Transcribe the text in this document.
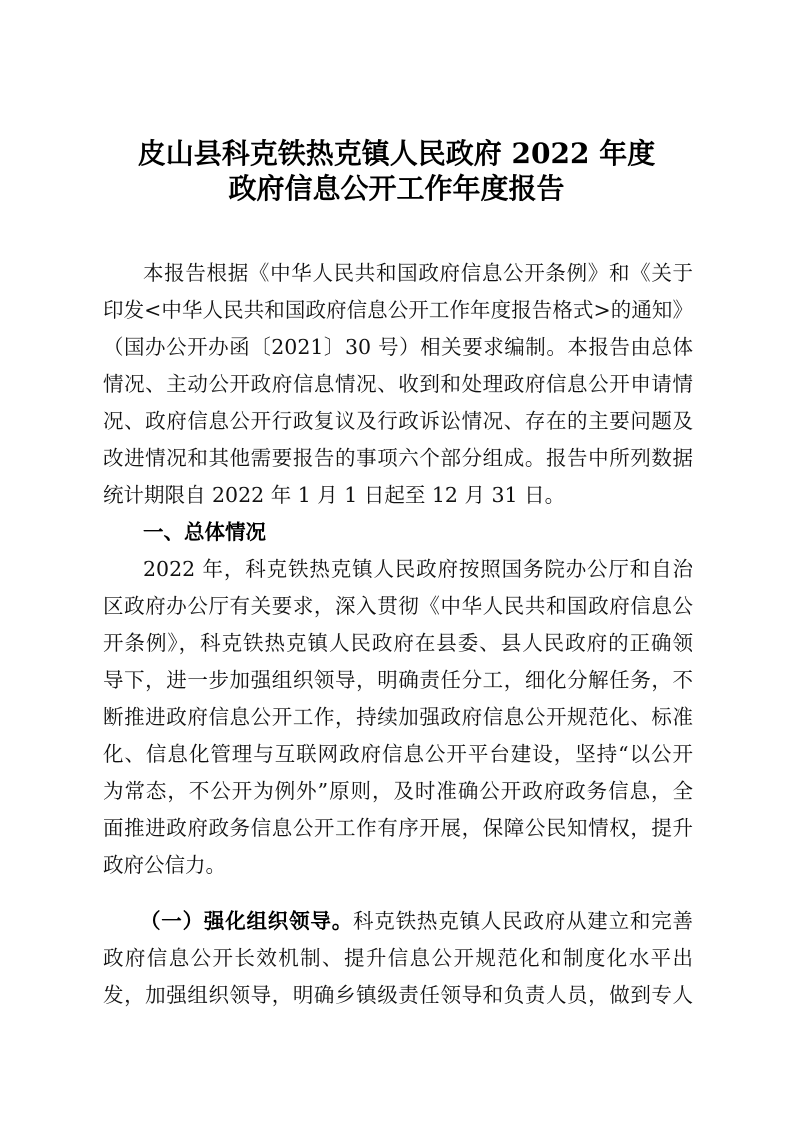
皮山县科克铁热克镇人民政府 2022 年度
政府信息公开工作年度报告
本报告根据《中华人民共和国政府信息公开条例》和《关于
印发<中华人民共和国政府信息公开工作年度报告格式>的通知》
（国办公开办函〔2021〕30 号）相关要求编制。本报告由总体
情况、主动公开政府信息情况、收到和处理政府信息公开申请情
况、政府信息公开行政复议及行政诉讼情况、存在的主要问题及
改进情况和其他需要报告的事项六个部分组成。报告中所列数据
统计期限自 2022 年 1 月 1 日起至 12 月 31 日。
一、总体情况
2022 年，科克铁热克镇人民政府按照国务院办公厅和自治
区政府办公厅有关要求，深入贯彻《中华人民共和国政府信息公
开条例》，科克铁热克镇人民政府在县委、县人民政府的正确领
导下，进一步加强组织领导，明确责任分工，细化分解任务，不
断推进政府信息公开工作，持续加强政府信息公开规范化、标准
化、信息化管理与互联网政府信息公开平台建设，坚持“以公开
为常态，不公开为例外”原则，及时准确公开政府政务信息，全
面推进政府政务信息公开工作有序开展，保障公民知情权，提升
政府公信力。
（一）强化组织领导。科克铁热克镇人民政府从建立和完善
政府信息公开长效机制、提升信息公开规范化和制度化水平出
发，加强组织领导，明确乡镇级责任领导和负责人员，做到专人
